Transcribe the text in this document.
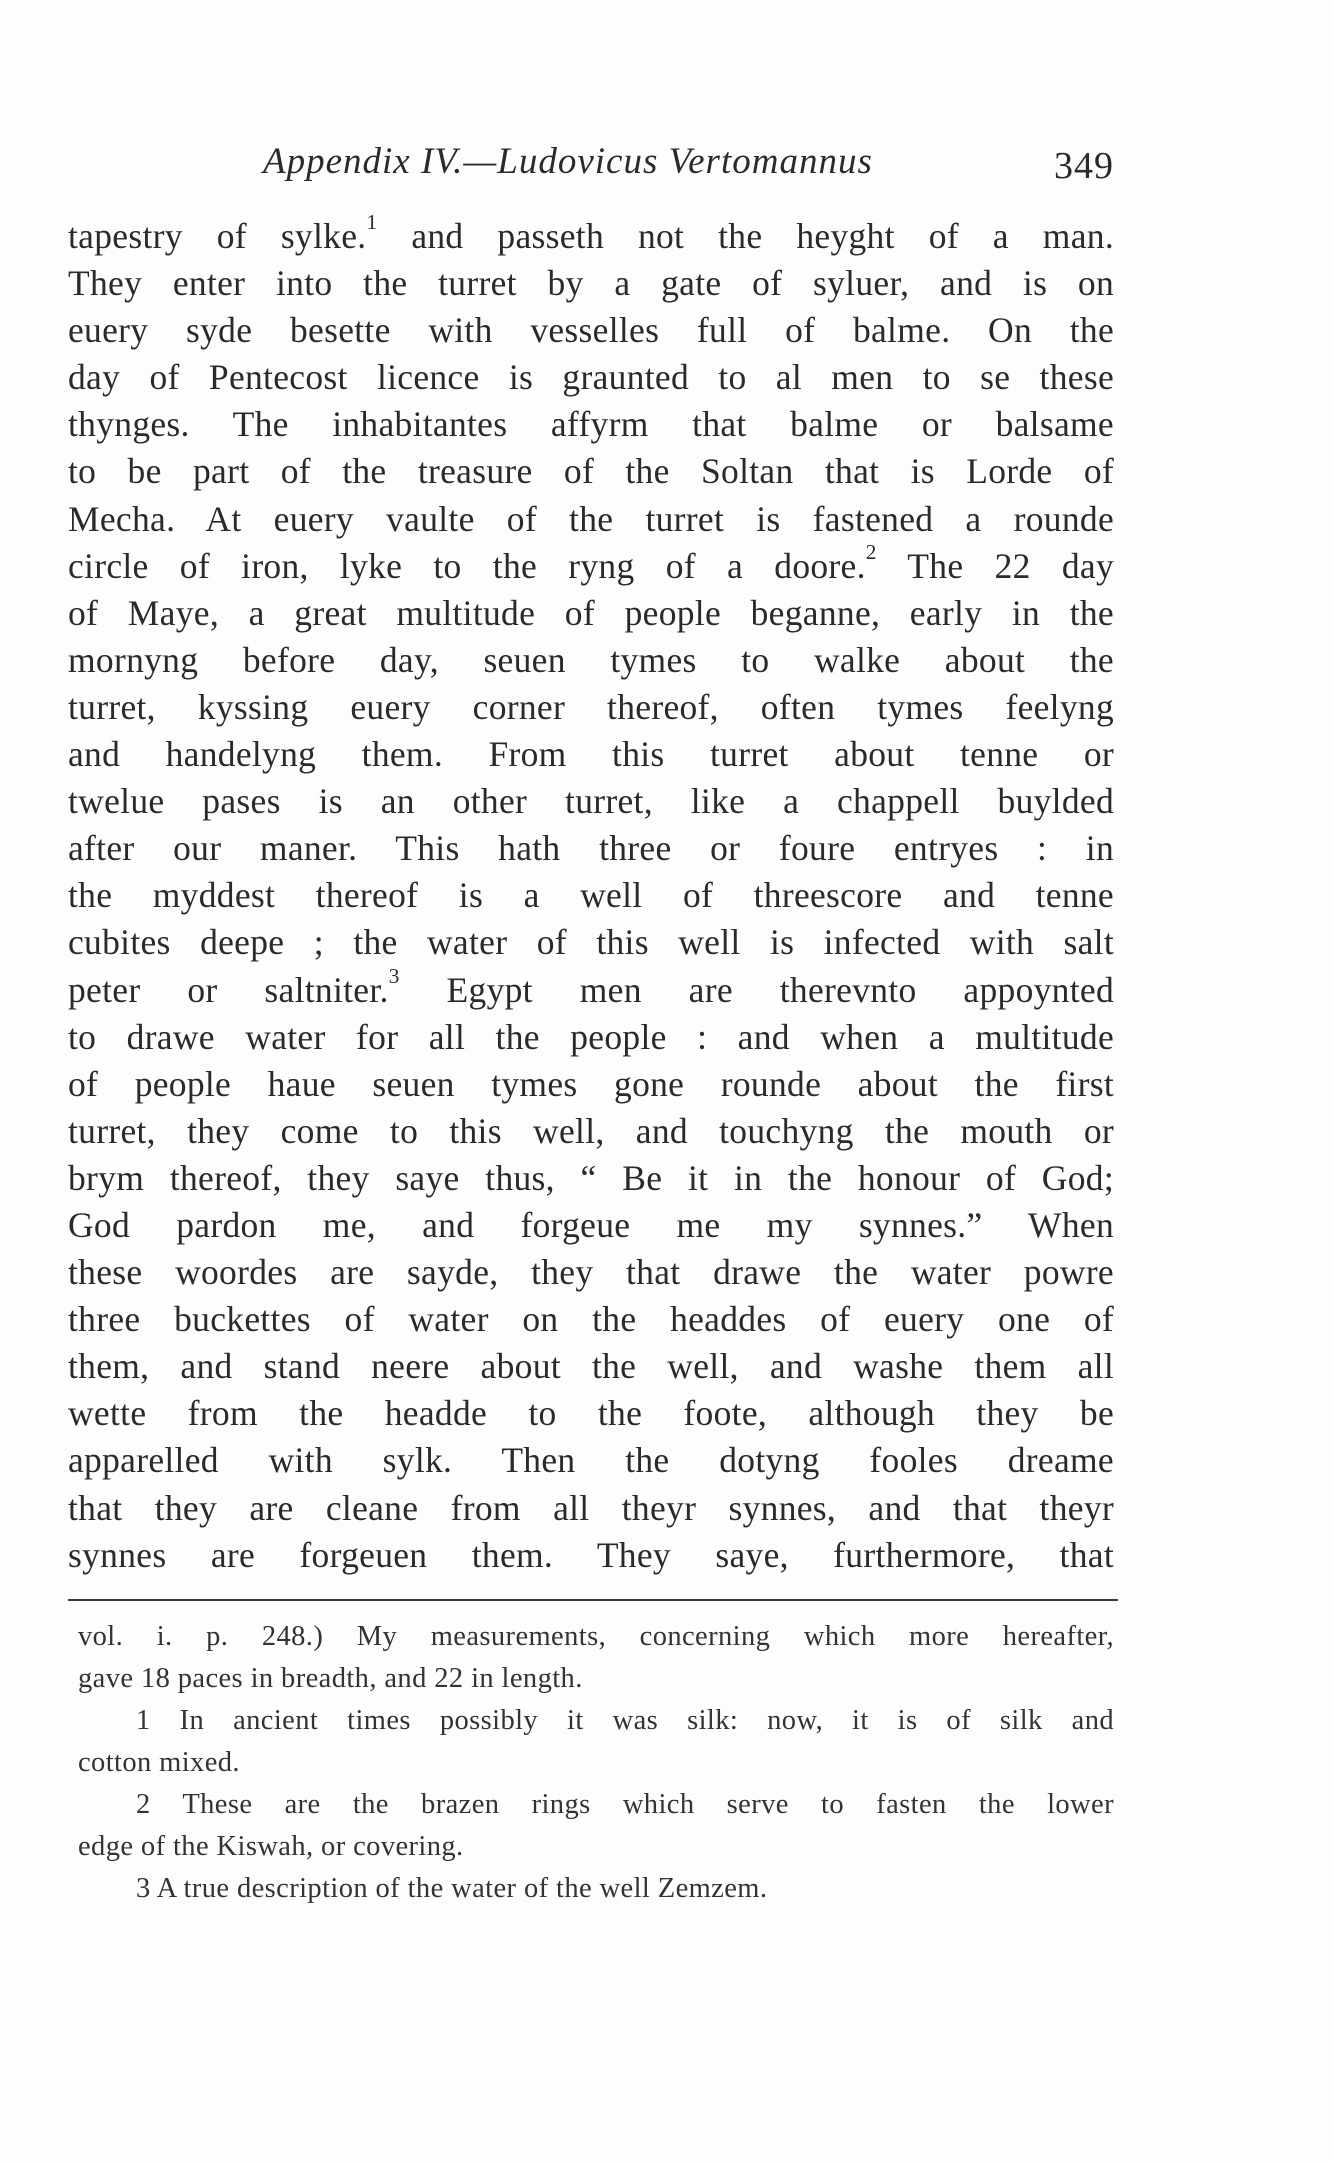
Appendix IV.—Ludovicus Vertomannus	349
tapestry of sylke.$^1$ and passeth not the heyght of a man.
They enter into the turret by a gate of syluer, and is on
euery syde besette with vesselles full of balme. On the
day of Pentecost licence is graunted to al men to se these
thynges. The inhabitantes affyrm that balme or balsame
to be part of the treasure of the Soltan that is Lorde of
Mecha. At euery vaulte of the turret is fastened a rounde
circle of iron, lyke to the ryng of a doore.$^2$ The 22 day
of Maye, a great multitude of people beganne, early in the
mornyng before day, seuen tymes to walke about the
turret, kyssing euery corner thereof, often tymes feelyng
and handelyng them. From this turret about tenne or
twelue pases is an other turret, like a chappell buylded
after our maner. This hath three or foure entryes : in
the myddest thereof is a well of threescore and tenne
cubites deepe ; the water of this well is infected with salt
peter or saltniter.$^3$ Egypt men are therevnto appoynted
to drawe water for all the people : and when a multitude
of people haue seuen tymes gone rounde about the first
turret, they come to this well, and touchyng the mouth or
brym thereof, they saye thus, “ Be it in the honour of God;
God pardon me, and forgeue me my synnes.” When
these woordes are sayde, they that drawe the water powre
three buckettes of water on the headdes of euery one of
them, and stand neere about the well, and washe them all
wette from the headde to the foote, although they be
apparelled with sylk. Then the dotyng fooles dreame
that they are cleane from all theyr synnes, and that theyr
synnes are forgeuen them. They saye, furthermore, that
vol. i. p. 248.) My measurements, concerning which more hereafter,
gave 18 paces in breadth, and 22 in length.
1 In ancient times possibly it was silk: now, it is of silk and
cotton mixed.
2 These are the brazen rings which serve to fasten the lower
edge of the Kiswah, or covering.
3 A true description of the water of the well Zemzem.
